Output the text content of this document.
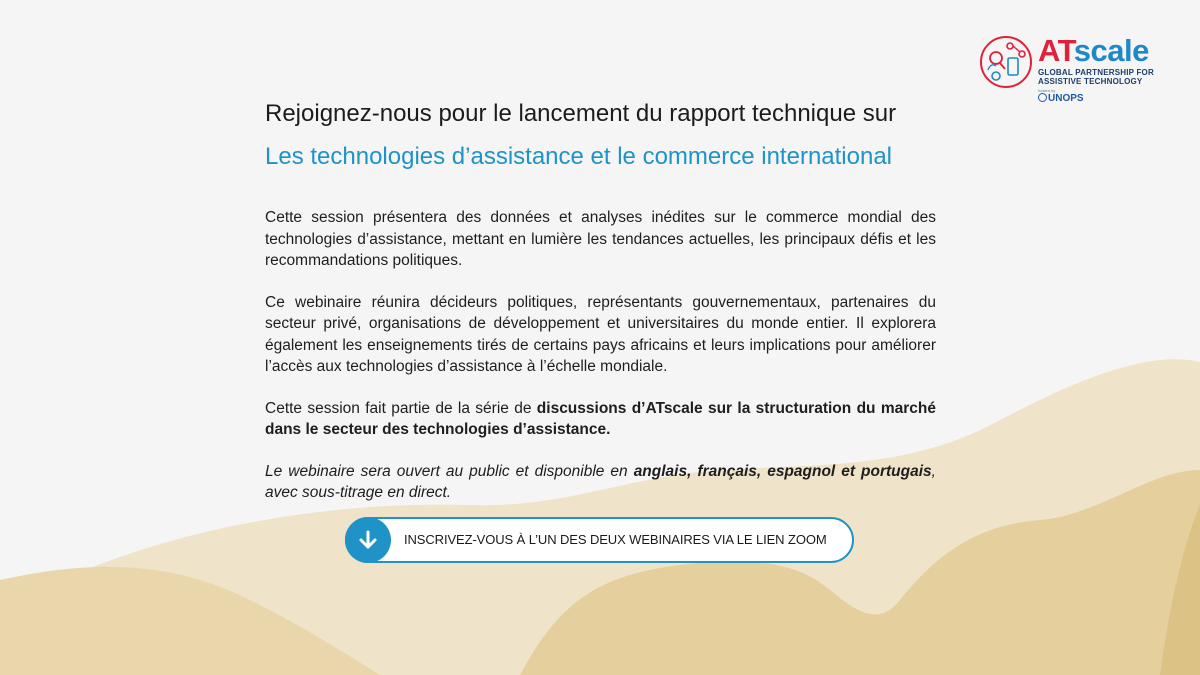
ATscale
GLOBAL PARTNERSHIP FOR
ASSISTIVE TECHNOLOGY
hosted by
UNOPS
Rejoignez-nous pour le lancement du rapport technique sur
Les technologies d’assistance et le commerce international

Cette session présentera des données et analyses inédites sur le commerce mondial des technologies d’assistance, mettant en lumière les tendances actuelles, les principaux défis et les recommandations politiques.

Ce webinaire réunira décideurs politiques, représentants gouvernementaux, partenaires du secteur privé, organisations de développement et universitaires du monde entier. Il explorera également les enseignements tirés de certains pays africains et leurs implications pour améliorer l’accès aux technologies d’assistance à l’échelle mondiale.

Cette session fait partie de la série de discussions d’ATscale sur la structuration du marché dans le secteur des technologies d’assistance.

Le webinaire sera ouvert au public et disponible en anglais, français, espagnol et portugais, avec sous-titrage en direct.

INSCRIVEZ-VOUS À L’UN DES DEUX WEBINAIRES VIA LE LIEN ZOOM
